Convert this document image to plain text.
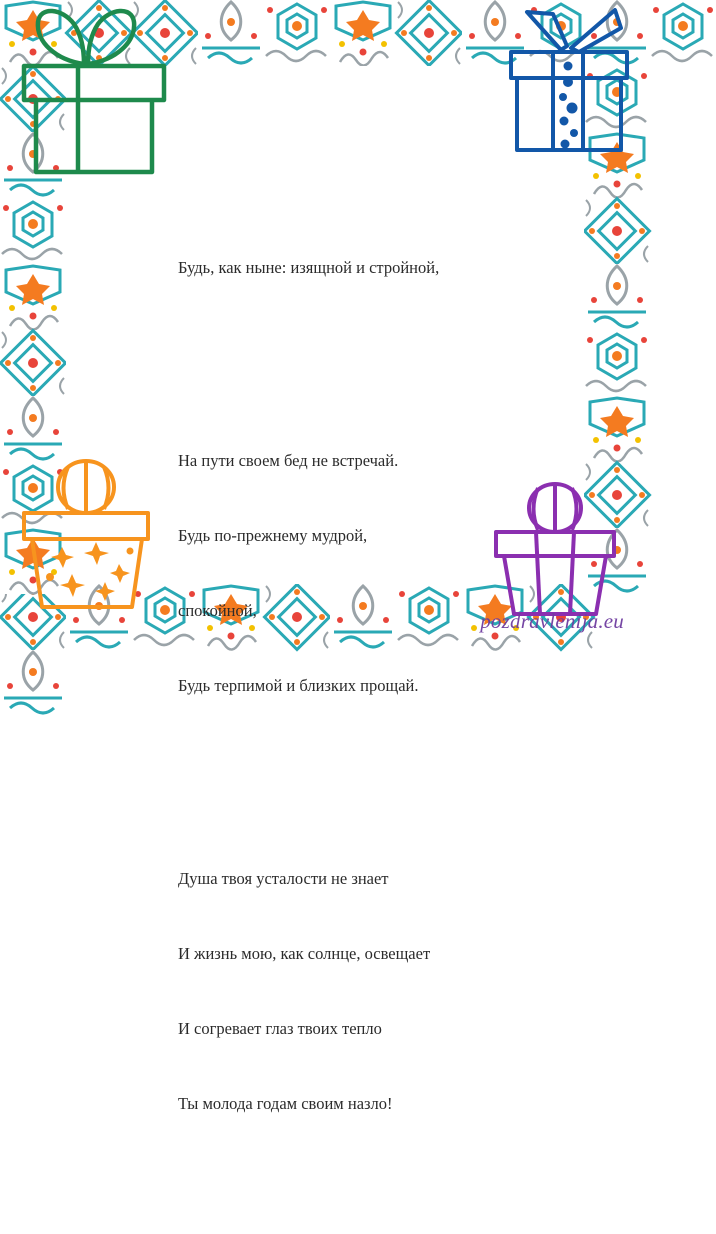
Будь, как ныне: изящной и стройной,

На пути своем бед не встречай.

Будь по-прежнему мудрой,

спокойной,

Будь терпимой и близких прощай.

Душа твоя усталости не знает

И жизнь мою, как солнце, освещает

И согревает глаз твоих тепло

Ты молода годам своим назло!

pozdravlenija.eu
